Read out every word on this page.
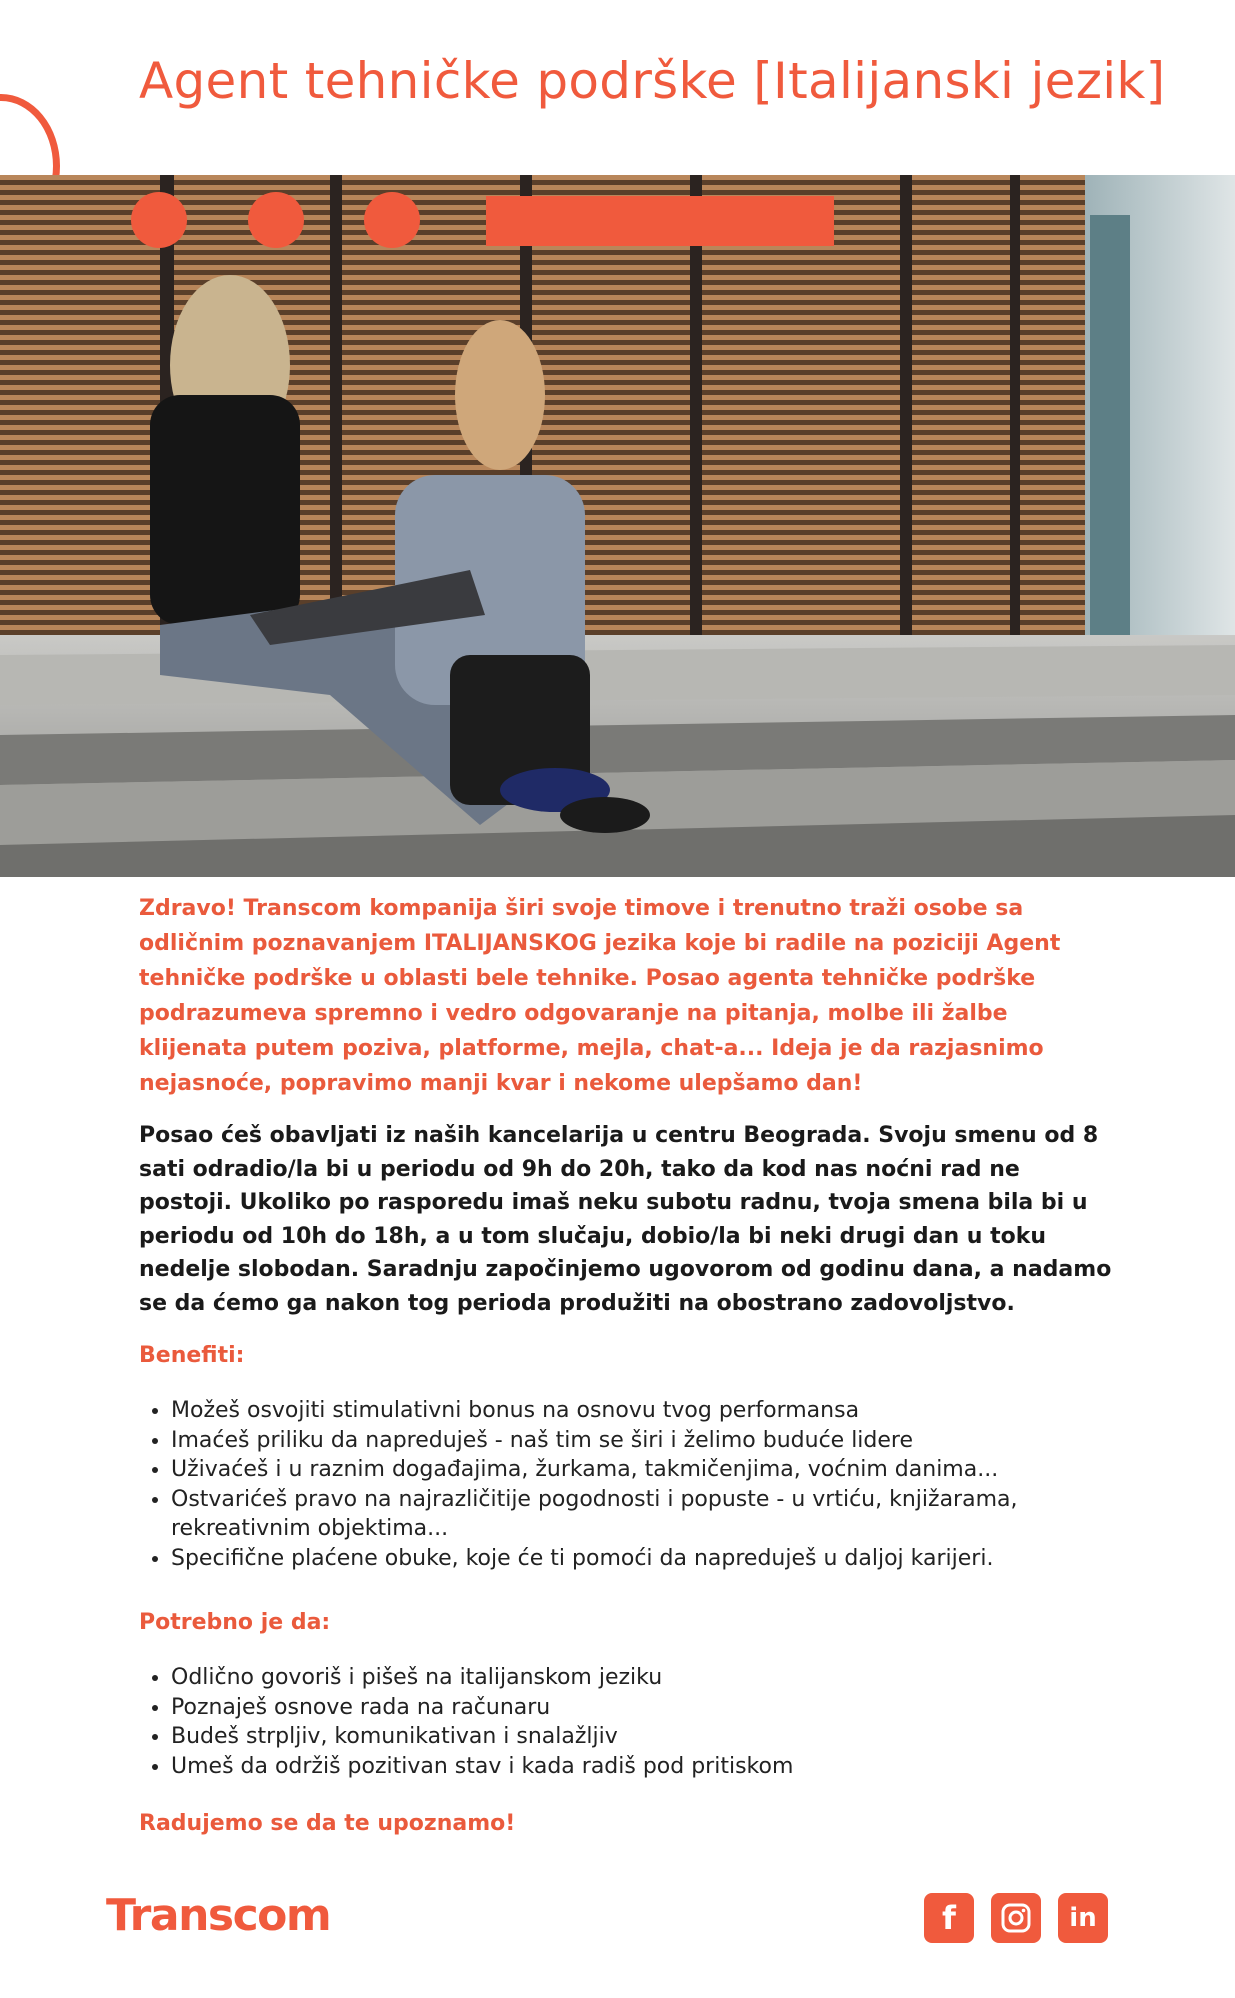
Agent tehničke podrške [Italijanski jezik]

Zdravo! Transcom kompanija širi svoje timove i trenutno traži osobe sa odličnim poznavanjem ITALIJANSKOG jezika koje bi radile na poziciji Agent tehničke podrške u oblasti bele tehnike. Posao agenta tehničke podrške podrazumeva spremno i vedro odgovaranje na pitanja, molbe ili žalbe klijenata putem poziva, platforme, mejla, chat-a... Ideja je da razjasnimo nejasnoće, popravimo manji kvar i nekome ulepšamo dan!

Posao ćeš obavljati iz naših kancelarija u centru Beograda. Svoju smenu od 8 sati odradio/la bi u periodu od 9h do 20h, tako da kod nas noćni rad ne postoji. Ukoliko po rasporedu imaš neku subotu radnu, tvoja smena bila bi u periodu od 10h do 18h, a u tom slučaju, dobio/la bi neki drugi dan u toku nedelje slobodan. Saradnju započinjemo ugovorom od godinu dana, a nadamo se da ćemo ga nakon tog perioda produžiti na obostrano zadovoljstvo.

Benefiti:

• Možeš osvojiti stimulativni bonus na osnovu tvog performansa
• Imaćeš priliku da napreduješ - naš tim se širi i želimo buduće lidere
• Uživaćeš i u raznim događajima, žurkama, takmičenjima, voćnim danima...
• Ostvarićeš pravo na najrazličitije pogodnosti i popuste - u vrtiću, knjižarama, rekreativnim objektima...
• Specifične plaćene obuke, koje će ti pomoći da napreduješ u daljoj karijeri.

Potrebno je da:

• Odlično govoriš i pišeš na italijanskom jeziku
• Poznaješ osnove rada na računaru
• Budeš strpljiv, komunikativan i snalažljiv
• Umeš da održiš pozitivan stav i kada radiš pod pritiskom

Radujemo se da te upoznamo!

Transcom	f	in
